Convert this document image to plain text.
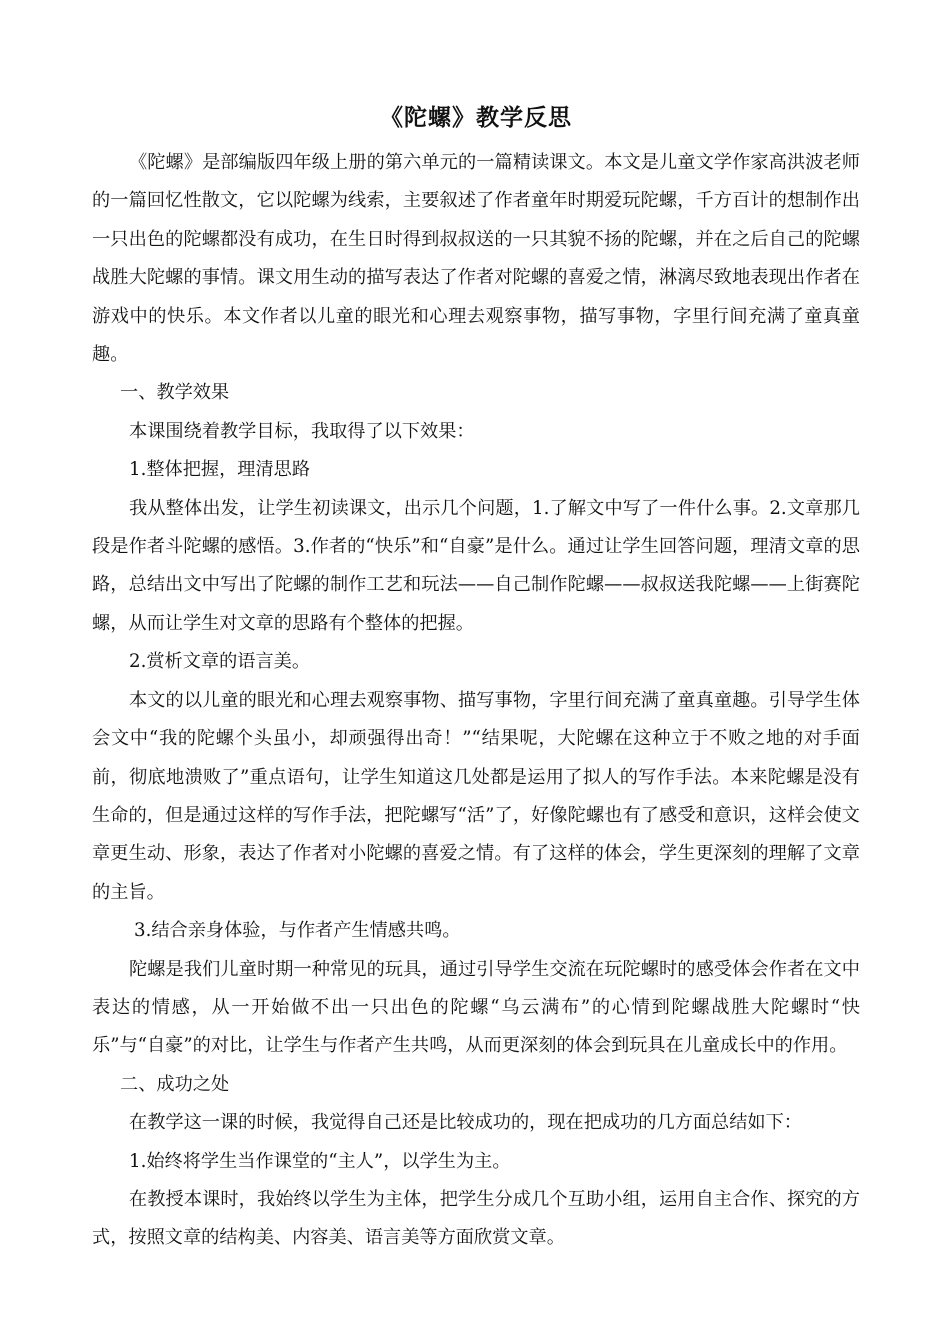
《陀螺》教学反思

《陀螺》是部编版四年级上册的第六单元的一篇精读课文。本文是儿童文学作家高洪波老师的一篇回忆性散文，它以陀螺为线索，主要叙述了作者童年时期爱玩陀螺，千方百计的想制作出一只出色的陀螺都没有成功，在生日时得到叔叔送的一只其貌不扬的陀螺，并在之后自己的陀螺战胜大陀螺的事情。课文用生动的描写表达了作者对陀螺的喜爱之情，淋漓尽致地表现出作者在游戏中的快乐。本文作者以儿童的眼光和心理去观察事物，描写事物，字里行间充满了童真童趣。

一、教学效果

本课围绕着教学目标，我取得了以下效果：

1.整体把握，理清思路

我从整体出发，让学生初读课文，出示几个问题，1.了解文中写了一件什么事。2.文章那几段是作者斗陀螺的感悟。3.作者的“快乐”和“自豪”是什么。通过让学生回答问题，理清文章的思路，总结出文中写出了陀螺的制作工艺和玩法——自己制作陀螺——叔叔送我陀螺——上街赛陀螺，从而让学生对文章的思路有个整体的把握。

2.赏析文章的语言美。

本文的以儿童的眼光和心理去观察事物、描写事物，字里行间充满了童真童趣。引导学生体会文中“我的陀螺个头虽小，却顽强得出奇！”“结果呢，大陀螺在这种立于不败之地的对手面前，彻底地溃败了”重点语句，让学生知道这几处都是运用了拟人的写作手法。本来陀螺是没有生命的，但是通过这样的写作手法，把陀螺写“活”了，好像陀螺也有了感受和意识，这样会使文章更生动、形象，表达了作者对小陀螺的喜爱之情。有了这样的体会，学生更深刻的理解了文章的主旨。

3.结合亲身体验，与作者产生情感共鸣。

陀螺是我们儿童时期一种常见的玩具，通过引导学生交流在玩陀螺时的感受体会作者在文中表达的情感，从一开始做不出一只出色的陀螺“乌云满布”的心情到陀螺战胜大陀螺时“快乐”与“自豪”的对比，让学生与作者产生共鸣，从而更深刻的体会到玩具在儿童成长中的作用。

二、成功之处

在教学这一课的时候，我觉得自己还是比较成功的，现在把成功的几方面总结如下：

1.始终将学生当作课堂的“主人”，以学生为主。

在教授本课时，我始终以学生为主体，把学生分成几个互助小组，运用自主合作、探究的方式，按照文章的结构美、内容美、语言美等方面欣赏文章。
